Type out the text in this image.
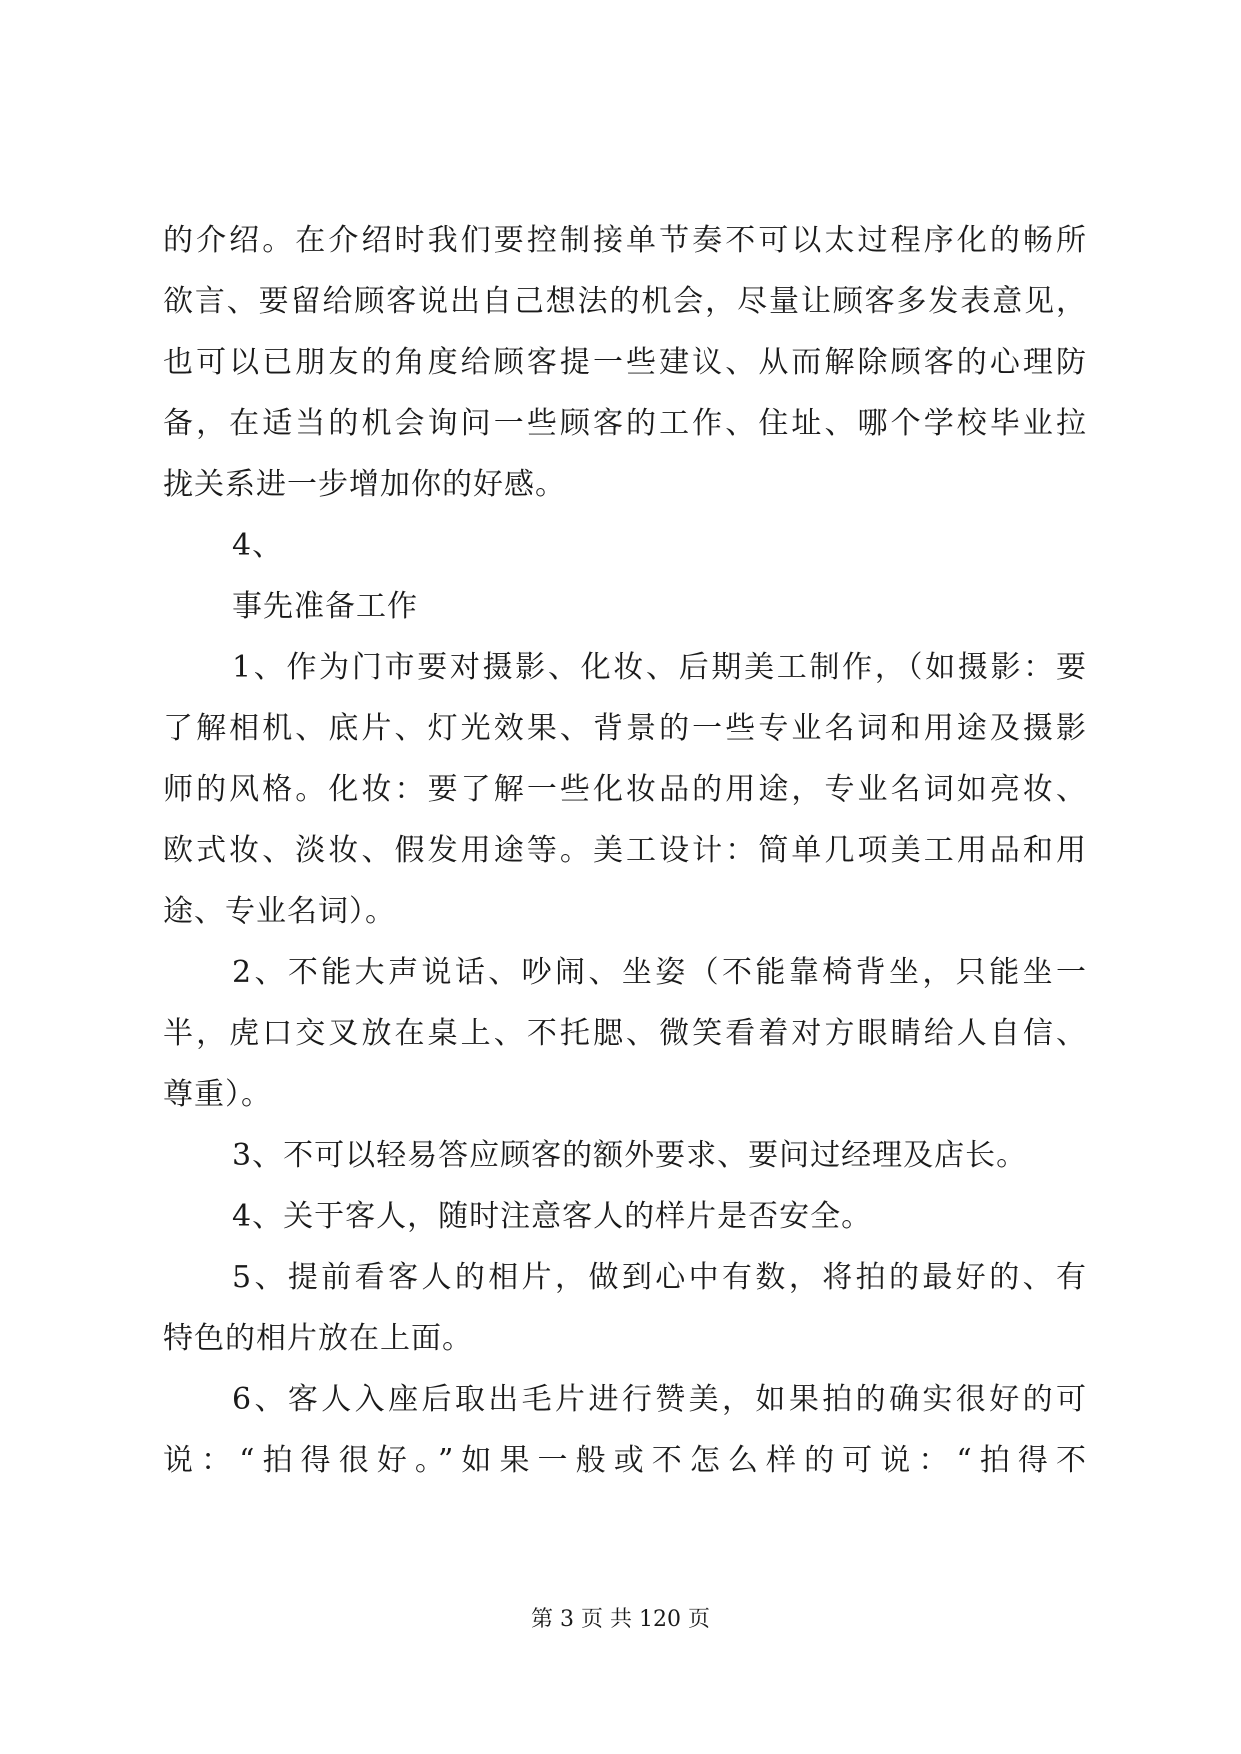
的介绍。在介绍时我们要控制接单节奏不可以太过程序化的畅所
欲言、要留给顾客说出自己想法的机会，尽量让顾客多发表意见，
也可以已朋友的角度给顾客提一些建议、从而解除顾客的心理防
备，在适当的机会询问一些顾客的工作、住址、哪个学校毕业拉
拢关系进一步增加你的好感。
4、
事先准备工作
1、作为门市要对摄影、化妆、后期美工制作，（如摄影：要
了解相机、底片、灯光效果、背景的一些专业名词和用途及摄影
师的风格。化妆：要了解一些化妆品的用途，专业名词如亮妆、
欧式妆、淡妆、假发用途等。美工设计：简单几项美工用品和用
途、专业名词）。
2、不能大声说话、吵闹、坐姿（不能靠椅背坐，只能坐一
半，虎口交叉放在桌上、不托腮、微笑看着对方眼睛给人自信、
尊重）。
3、不可以轻易答应顾客的额外要求、要问过经理及店长。
4、关于客人，随时注意客人的样片是否安全。
5、提前看客人的相片，做到心中有数，将拍的最好的、有
特色的相片放在上面。
6、客人入座后取出毛片进行赞美，如果拍的确实很好的可
说：“拍得很好。”如果一般或不怎么样的可说：“拍得不
第 3 页 共 120 页
